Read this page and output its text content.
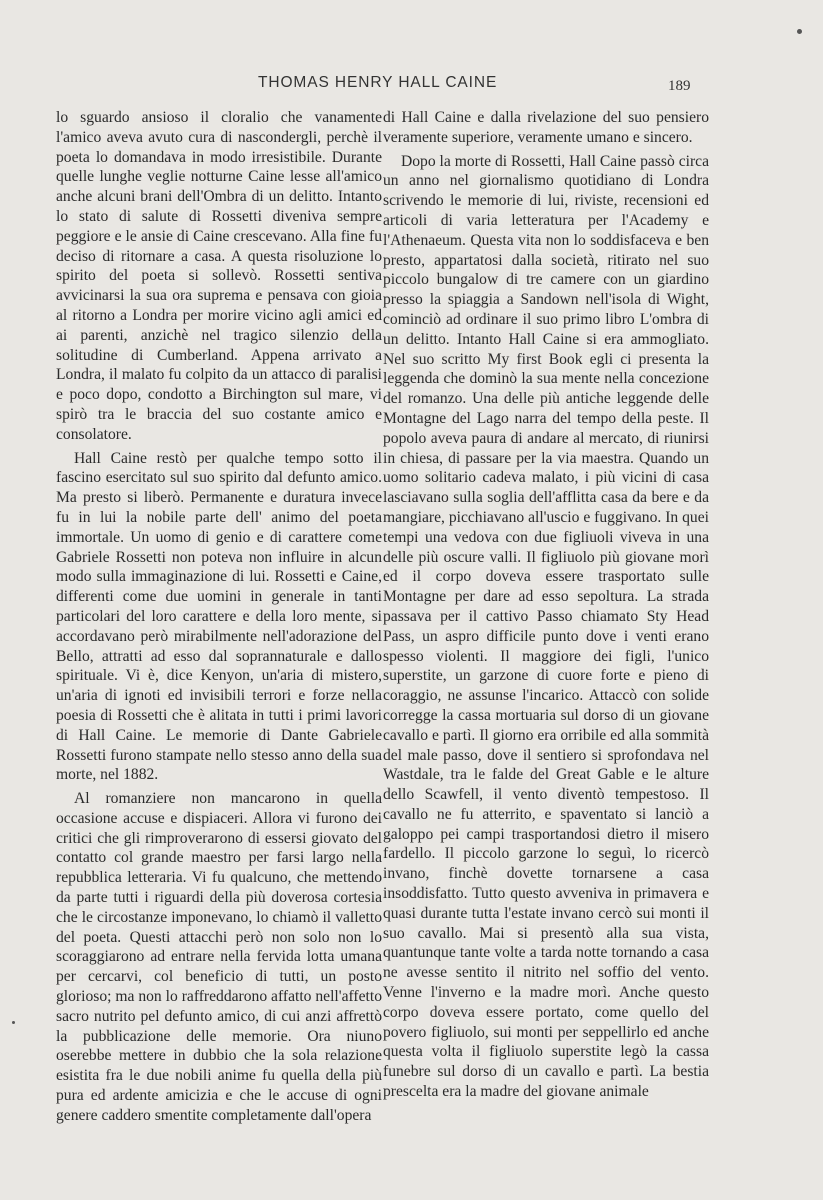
THOMAS HENRY HALL CAINE	189

lo sguardo ansioso il cloralio che vanamente l'amico aveva avuto cura di nascondergli, perchè il poeta lo domandava in modo irresistibile. Durante quelle lunghe veglie notturne Caine lesse all'amico anche alcuni brani dell'Ombra di un delitto. Intanto lo stato di salute di Rossetti diveniva sempre peggiore e le ansie di Caine crescevano. Alla fine fu deciso di ritornare a casa. A questa risoluzione lo spirito del poeta si sollevò. Rossetti sentiva avvicinarsi la sua ora suprema e pensava con gioia al ritorno a Londra per morire vicino agli amici ed ai parenti, anzichè nel tragico silenzio della solitudine di Cumberland. Appena arrivato a Londra, il malato fu colpito da un attacco di paralisi e poco dopo, condotto a Birchington sul mare, vi spirò tra le braccia del suo costante amico e consolatore.

Hall Caine restò per qualche tempo sotto il fascino esercitato sul suo spirito dal defunto amico. Ma presto si liberò. Permanente e duratura invece fu in lui la nobile parte dell' animo del poeta immortale. Un uomo di genio e di carattere come Gabriele Rossetti non poteva non influire in alcun modo sulla immaginazione di lui. Rossetti e Caine, differenti come due uomini in generale in tanti particolari del loro carattere e della loro mente, si accordavano però mirabilmente nell'adorazione del Bello, attratti ad esso dal soprannaturale e dallo spirituale. Vi è, dice Kenyon, un'aria di mistero, un'aria di ignoti ed invisibili terrori e forze nella poesia di Rossetti che è alitata in tutti i primi lavori di Hall Caine. Le memorie di Dante Gabriele Rossetti furono stampate nello stesso anno della sua morte, nel 1882.

Al romanziere non mancarono in quella occasione accuse e dispiaceri. Allora vi furono dei critici che gli rimproverarono di essersi giovato del contatto col grande maestro per farsi largo nella repubblica letteraria. Vi fu qualcuno, che mettendo da parte tutti i riguardi della più doverosa cortesia che le circostanze imponevano, lo chiamò il valletto del poeta. Questi attacchi però non solo non lo scoraggiarono ad entrare nella fervida lotta umana per cercarvi, col beneficio di tutti, un posto glorioso; ma non lo raffreddarono affatto nell'affetto sacro nutrito pel defunto amico, di cui anzi affrettò la pubblicazione delle memorie. Ora niuno oserebbe mettere in dubbio che la sola relazione esistita fra le due nobili anime fu quella della più pura ed ardente amicizia e che le accuse di ogni genere caddero smentite completamente dall'opera

di Hall Caine e dalla rivelazione del suo pensiero veramente superiore, veramente umano e sincero.

Dopo la morte di Rossetti, Hall Caine passò circa un anno nel giornalismo quotidiano di Londra scrivendo le memorie di lui, riviste, recensioni ed articoli di varia letteratura per l'Academy e l'Athenaeum. Questa vita non lo soddisfaceva e ben presto, appartatosi dalla società, ritirato nel suo piccolo bungalow di tre camere con un giardino presso la spiaggia a Sandown nell'isola di Wight, cominciò ad ordinare il suo primo libro L'ombra di un delitto. Intanto Hall Caine si era ammogliato. Nel suo scritto My first Book egli ci presenta la leggenda che dominò la sua mente nella concezione del romanzo. Una delle più antiche leggende delle Montagne del Lago narra del tempo della peste. Il popolo aveva paura di andare al mercato, di riunirsi in chiesa, di passare per la via maestra. Quando un uomo solitario cadeva malato, i più vicini di casa lasciavano sulla soglia dell'afflitta casa da bere e da mangiare, picchiavano all'uscio e fuggivano. In quei tempi una vedova con due figliuoli viveva in una delle più oscure valli. Il figliuolo più giovane morì ed il corpo doveva essere trasportato sulle Montagne per dare ad esso sepoltura. La strada passava per il cattivo Passo chiamato Sty Head Pass, un aspro difficile punto dove i venti erano spesso violenti. Il maggiore dei figli, l'unico superstite, un garzone di cuore forte e pieno di coraggio, ne assunse l'incarico. Attaccò con solide corregge la cassa mortuaria sul dorso di un giovane cavallo e partì. Il giorno era orribile ed alla sommità del male passo, dove il sentiero si sprofondava nel Wastdale, tra le falde del Great Gable e le alture dello Scawfell, il vento diventò tempestoso. Il cavallo ne fu atterrito, e spaventato si lanciò a galoppo pei campi trasportandosi dietro il misero fardello. Il piccolo garzone lo seguì, lo ricercò invano, finchè dovette tornarsene a casa insoddisfatto. Tutto questo avveniva in primavera e quasi durante tutta l'estate invano cercò sui monti il suo cavallo. Mai si presentò alla sua vista, quantunque tante volte a tarda notte tornando a casa ne avesse sentito il nitrito nel soffio del vento. Venne l'inverno e la madre morì. Anche questo corpo doveva essere portato, come quello del povero figliuolo, sui monti per seppellirlo ed anche questa volta il figliuolo superstite legò la cassa funebre sul dorso di un cavallo e partì. La bestia prescelta era la madre del giovane animale
